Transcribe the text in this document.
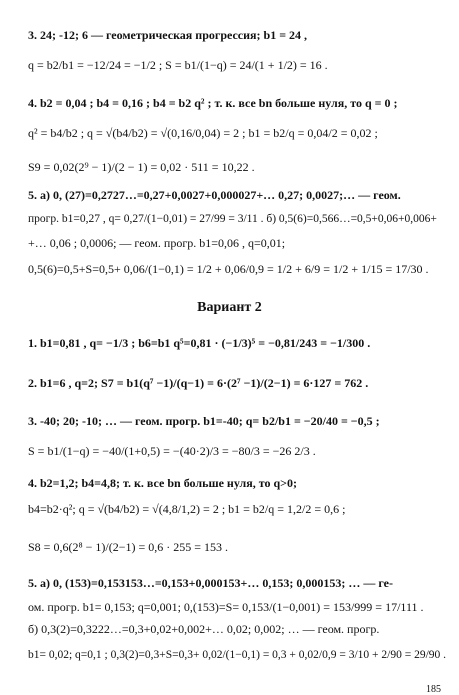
3. 24; -12; 6 — геометрическая прогрессия; b1 = 24 ,
q = b2/b1 = −12/24 = −1/2 ; S = b1/(1−q) = 24/(1 + 1/2) = 16 .
4. b2 = 0,04 ; b4 = 0,16 ; b4 = b2 q² ; т. к. все bn больше нуля, то q = 0 ;
q² = b4/b2 ; q = √(b4/b2) = √(0,16/0,04) = 2 ; b1 = b2/q = 0,04/2 = 0,02 ;
S9 = 0,02(2⁹ − 1)/(2 − 1) = 0,02 · 511 = 10,22 .
5. а) 0, (27)=0,2727…=0,27+0,0027+0,000027+… 0,27; 0,0027;… — геом.
прогр. b1=0,27 , q= 0,27/(1−0,01) = 27/99 = 3/11 . б) 0,5(6)=0,566…=0,5+0,06+0,006+
+… 0,06 ; 0,0006; — геом. прогр. b1=0,06 , q=0,01;
0,5(6)=0,5+S=0,5+ 0,06/(1−0,1) = 1/2 + 0,06/0,9 = 1/2 + 6/9 = 1/2 + 1/15 = 17/30 .
Вариант 2
1. b1=0,81 , q= −1/3 ; b6=b1 q⁵=0,81 · (−1/3)⁵ = −0,81/243 = −1/300 .
2. b1=6 , q=2; S7 = b1(q⁷ −1)/(q−1) = 6·(2⁷ −1)/(2−1) = 6·127 = 762 .
3. -40; 20; -10; … — геом. прогр. b1=-40; q= b2/b1 = −20/40 = −0,5 ;
S = b1/(1−q) = −40/(1+0,5) = −(40·2)/3 = −80/3 = −26 2/3 .
4. b2=1,2; b4=4,8; т. к. все bn больше нуля, то q>0;
b4=b2·q²; q = √(b4/b2) = √(4,8/1,2) = 2 ; b1 = b2/q = 1,2/2 = 0,6 ;
S8 = 0,6(2⁸ − 1)/(2−1) = 0,6 · 255 = 153 .
5. а) 0, (153)=0,153153…=0,153+0,000153+… 0,153; 0,000153; … — ге-
ом. прогр. b1= 0,153; q=0,001; 0,(153)=S= 0,153/(1−0,001) = 153/999 = 17/111 .
б) 0,3(2)=0,3222…=0,3+0,02+0,002+… 0,02; 0,002; … — геом. прогр.
b1= 0,02; q=0,1 ; 0,3(2)=0,3+S=0,3+ 0,02/(1−0,1) = 0,3 + 0,02/0,9 = 3/10 + 2/90 = 29/90 .
185
